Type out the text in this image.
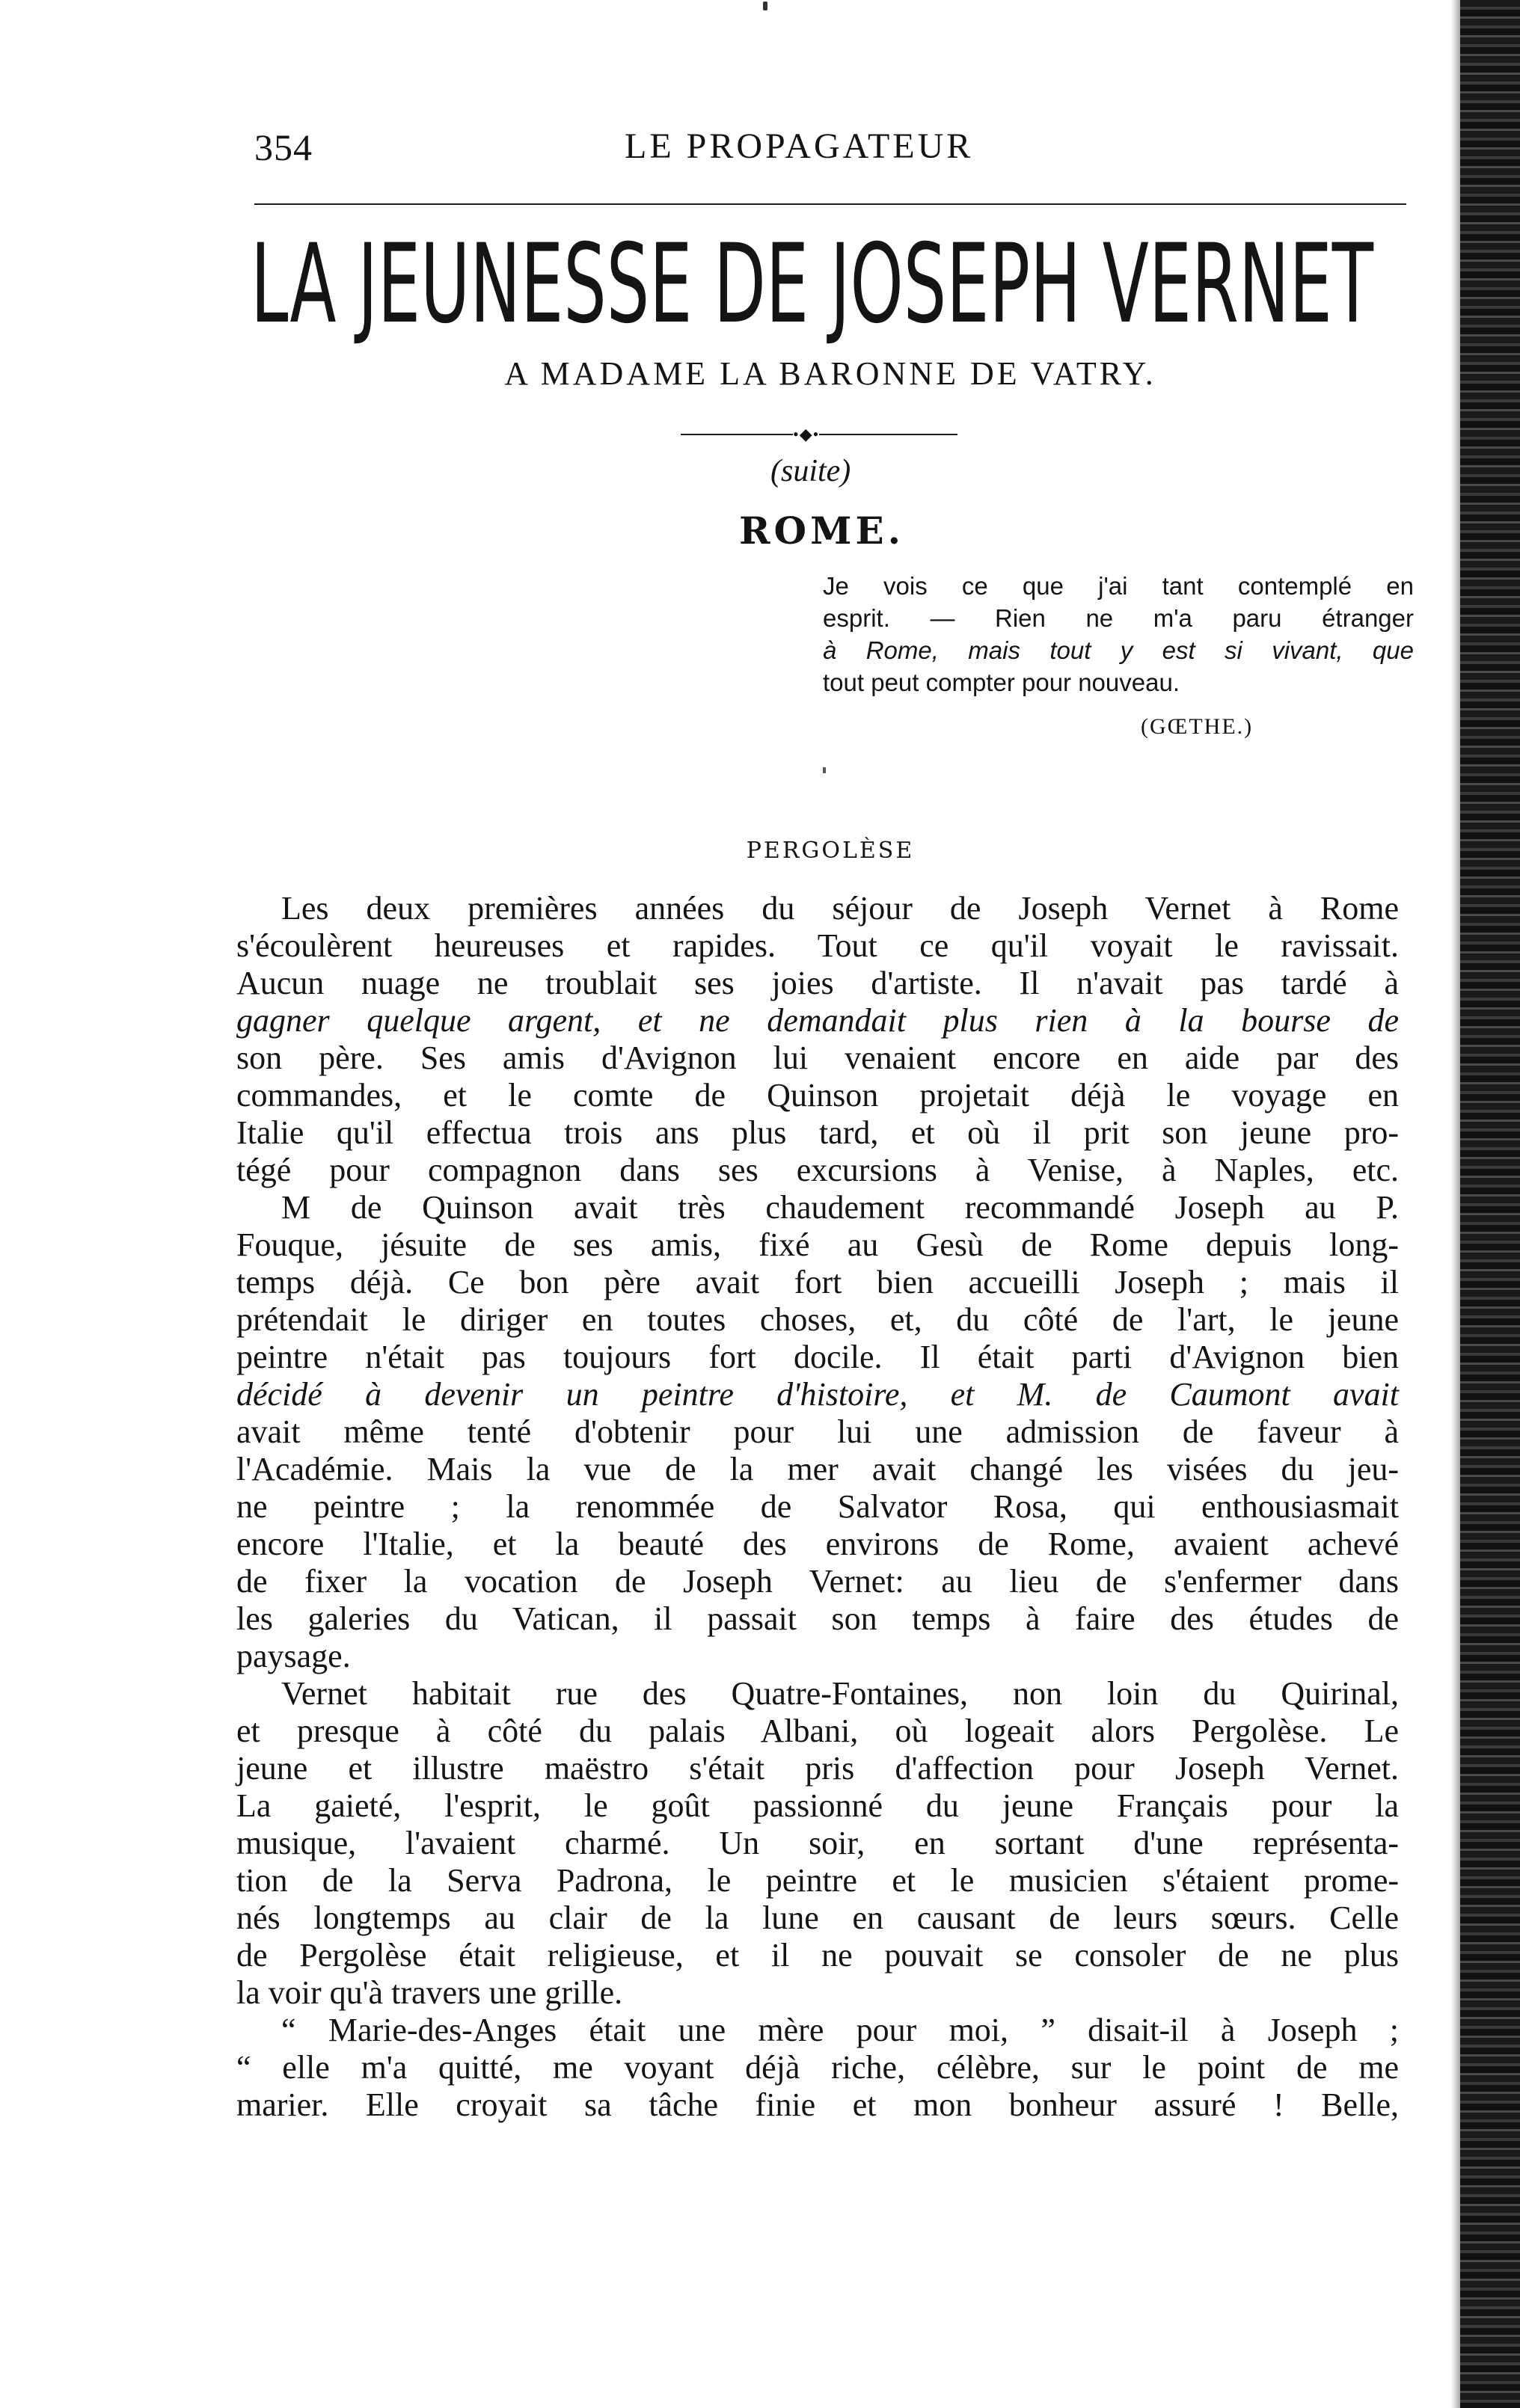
354	LE PROPAGATEUR
LA JEUNESSE DE JOSEPH VERNET
A MADAME LA BARONNE DE VATRY.
•◆•
(suite)
ROME.
Je vois ce que j'ai tant contemplé en
esprit. — Rien ne m'a paru étranger
à Rome, mais tout y est si vivant, que
tout peut compter pour nouveau.
(GŒTHE.)
PERGOLÈSE
Les deux premières années du séjour de Joseph Vernet à Rome
s'écoulèrent heureuses et rapides. Tout ce qu'il voyait le ravissait.
Aucun nuage ne troublait ses joies d'artiste. Il n'avait pas tardé à
gagner quelque argent, et ne demandait plus rien à la bourse de
son père. Ses amis d'Avignon lui venaient encore en aide par des
commandes, et le comte de Quinson projetait déjà le voyage en
Italie qu'il effectua trois ans plus tard, et où il prit son jeune pro-
tégé pour compagnon dans ses excursions à Venise, à Naples, etc.
M de Quinson avait très chaudement recommandé Joseph au P.
Fouque, jésuite de ses amis, fixé au Gesù de Rome depuis long-
temps déjà. Ce bon père avait fort bien accueilli Joseph ; mais il
prétendait le diriger en toutes choses, et, du côté de l'art, le jeune
peintre n'était pas toujours fort docile. Il était parti d'Avignon bien
décidé à devenir un peintre d'histoire, et M. de Caumont avait
avait même tenté d'obtenir pour lui une admission de faveur à
l'Académie. Mais la vue de la mer avait changé les visées du jeu-
ne peintre ; la renommée de Salvator Rosa, qui enthousiasmait
encore l'Italie, et la beauté des environs de Rome, avaient achevé
de fixer la vocation de Joseph Vernet: au lieu de s'enfermer dans
les galeries du Vatican, il passait son temps à faire des études de
paysage.
Vernet habitait rue des Quatre-Fontaines, non loin du Quirinal,
et presque à côté du palais Albani, où logeait alors Pergolèse. Le
jeune et illustre maëstro s'était pris d'affection pour Joseph Vernet.
La gaieté, l'esprit, le goût passionné du jeune Français pour la
musique, l'avaient charmé. Un soir, en sortant d'une représenta-
tion de la Serva Padrona, le peintre et le musicien s'étaient prome-
nés longtemps au clair de la lune en causant de leurs sœurs. Celle
de Pergolèse était religieuse, et il ne pouvait se consoler de ne plus
la voir qu'à travers une grille.
“ Marie-des-Anges était une mère pour moi, ” disait-il à Joseph ;
“ elle m'a quitté, me voyant déjà riche, célèbre, sur le point de me
marier. Elle croyait sa tâche finie et mon bonheur assuré ! Belle,
